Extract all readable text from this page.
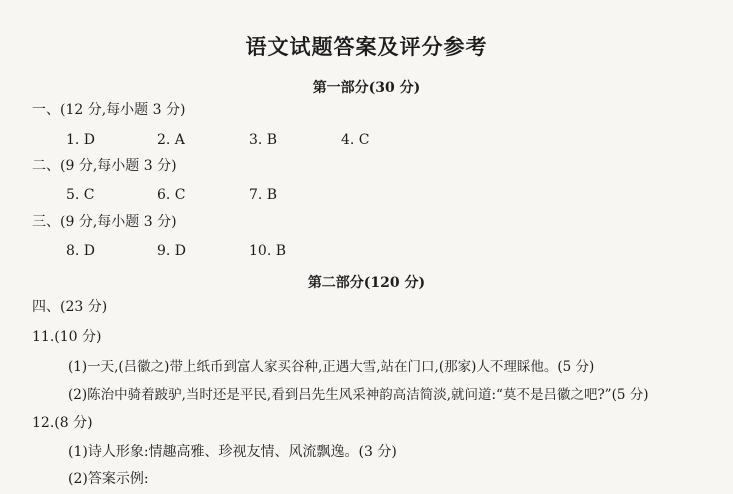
语文试题答案及评分参考
第一部分(30 分)
一、(12 分,每小题 3 分)
1. D	2. A	3. B	4. C
二、(9 分,每小题 3 分)
5. C	6. C	7. B
三、(9 分,每小题 3 分)
8. D	9. D	10. B
第二部分(120 分)
四、(23 分)
11.(10 分)
(1)一天,(吕徽之)带上纸币到富人家买谷种,正遇大雪,站在门口,(那家)人不理睬他。(5 分)
(2)陈治中骑着跛驴,当时还是平民,看到吕先生风采神韵高洁简淡,就问道:“莫不是吕徽之吧?”(5 分)
12.(8 分)
(1)诗人形象:情趣高雅、珍视友情、风流飘逸。(3 分)
(2)答案示例:
